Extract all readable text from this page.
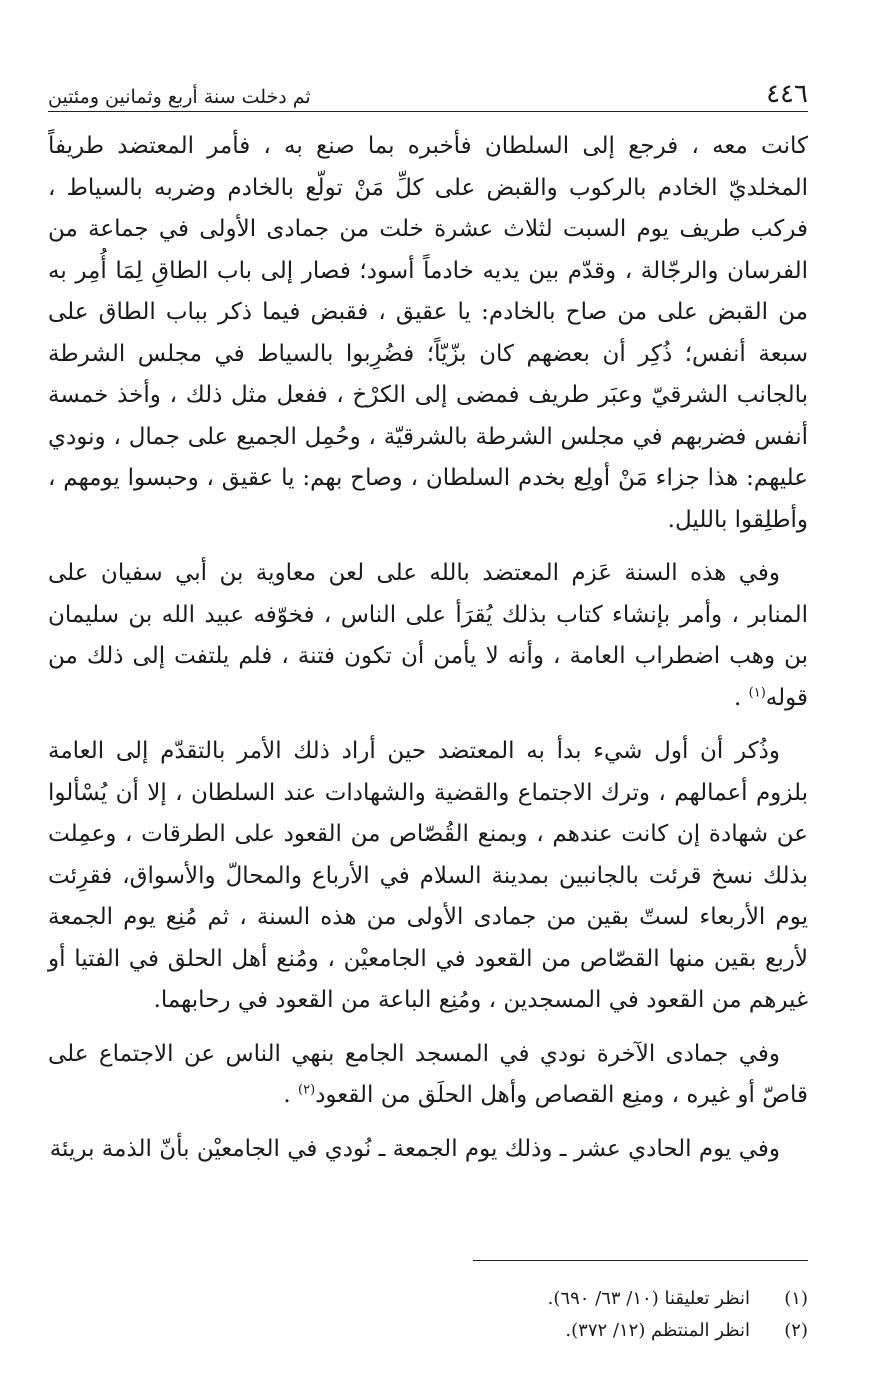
٤٤٦
ثم دخلت سنة أربع وثمانين ومئتين

كانت معه ، فرجع إلى السلطان فأخبره بما صنع به ، فأمر المعتضد طريفاً المخلديّ الخادم بالركوب والقبض على كلِّ مَنْ تولّع بالخادم وضربه بالسياط ، فركب طريف يوم السبت لثلاث عشرة خلت من جمادى الأولى في جماعة من الفرسان والرجّالة ، وقدّم بين يديه خادماً أسود؛ فصار إلى باب الطاقِ لِمَا أُمِر به من القبض على من صاح بالخادم: يا عقيق ، فقبض فيما ذكر بباب الطاق على سبعة أنفس؛ ذُكِر أن بعضهم كان بزّيّاً؛ فضُرِبوا بالسياط في مجلس الشرطة بالجانب الشرقيّ وعبَر طريف فمضى إلى الكرْخ ، ففعل مثل ذلك ، وأخذ خمسة أنفس فضربهم في مجلس الشرطة بالشرقيّة ، وحُمِل الجميع على جمال ، ونودي عليهم: هذا جزاء مَنْ أولِع بخدم السلطان ، وصاح بهم: يا عقيق ، وحبسوا يومهم ، وأطلِقوا بالليل.

وفي هذه السنة عَزم المعتضد بالله على لعن معاوية بن أبي سفيان على المنابر ، وأمر بإنشاء كتاب بذلك يُقرَأ على الناس ، فخوّفه عبيد الله بن سليمان بن وهب اضطراب العامة ، وأنه لا يأمن أن تكون فتنة ، فلم يلتفت إلى ذلك من قوله$^{(١)}$ .

وذُكر أن أول شيء بدأ به المعتضد حين أراد ذلك الأمر بالتقدّم إلى العامة بلزوم أعمالهم ، وترك الاجتماع والقضية والشهادات عند السلطان ، إلا أن يُسْألوا عن شهادة إن كانت عندهم ، وبمنع القُصّاص من القعود على الطرقات ، وعمِلت بذلك نسخ قرئت بالجانبين بمدينة السلام في الأرباع والمحالّ والأسواق، فقرِئت يوم الأربعاء لستّ بقين من جمادى الأولى من هذه السنة ، ثم مُنِع يوم الجمعة لأربع بقين منها القصّاص من القعود في الجامعيْن ، ومُنع أهل الحلق في الفتيا أو غيرهم من القعود في المسجدين ، ومُنِع الباعة من القعود في رحابهما.

وفي جمادى الآخرة نودي في المسجد الجامع بنهي الناس عن الاجتماع على قاصّ أو غيره ، ومنِع القصاص وأهل الحلَق من القعود$^{(٢)}$ .

وفي يوم الحادي عشر ـ وذلك يوم الجمعة ـ نُودي في الجامعيْن بأنّ الذمة بريئة

(١)
انظر تعليقنا (١٠/ ٦٣/ ٦٩٠).
(٢)
انظر المنتظم (١٢/ ٣٧٢).
